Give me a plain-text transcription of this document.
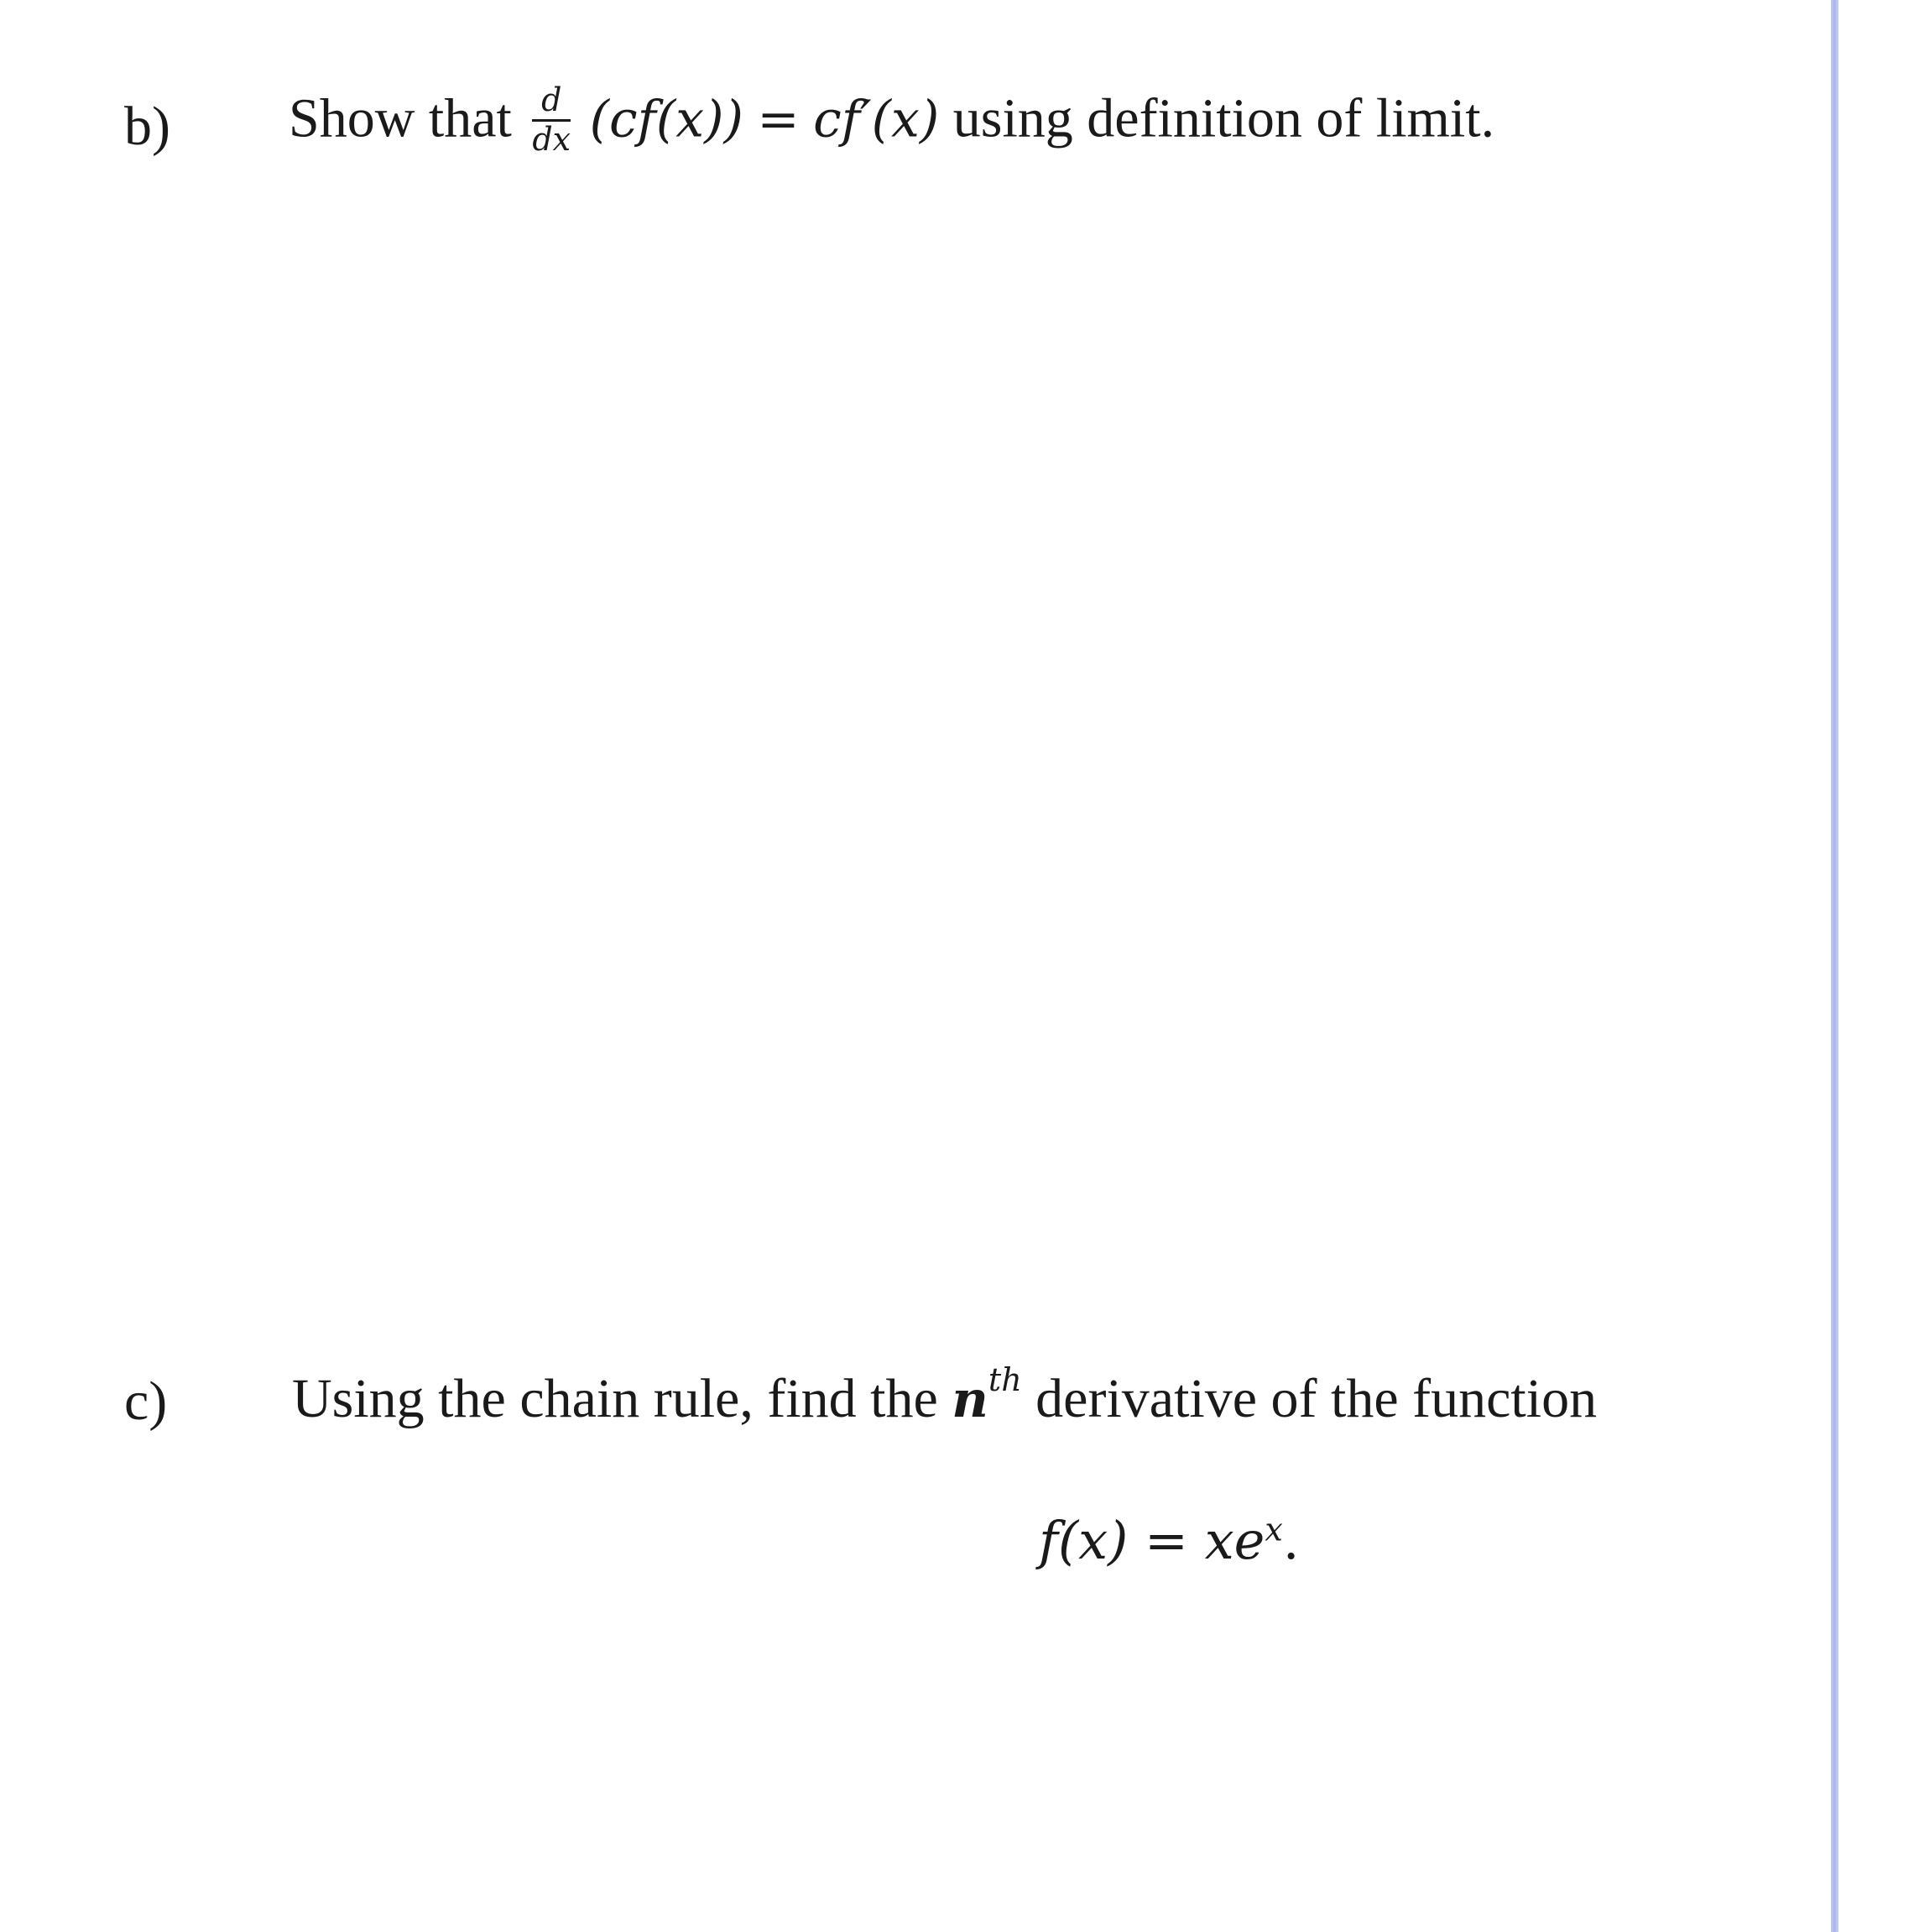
b) Show that $\frac{d}{dx} (cf(x)) = cf'(x)$ using definition of limit.
c) Using the chain rule, find the $n^{th}$ derivative of the function
$f(x) = xe^x$.
